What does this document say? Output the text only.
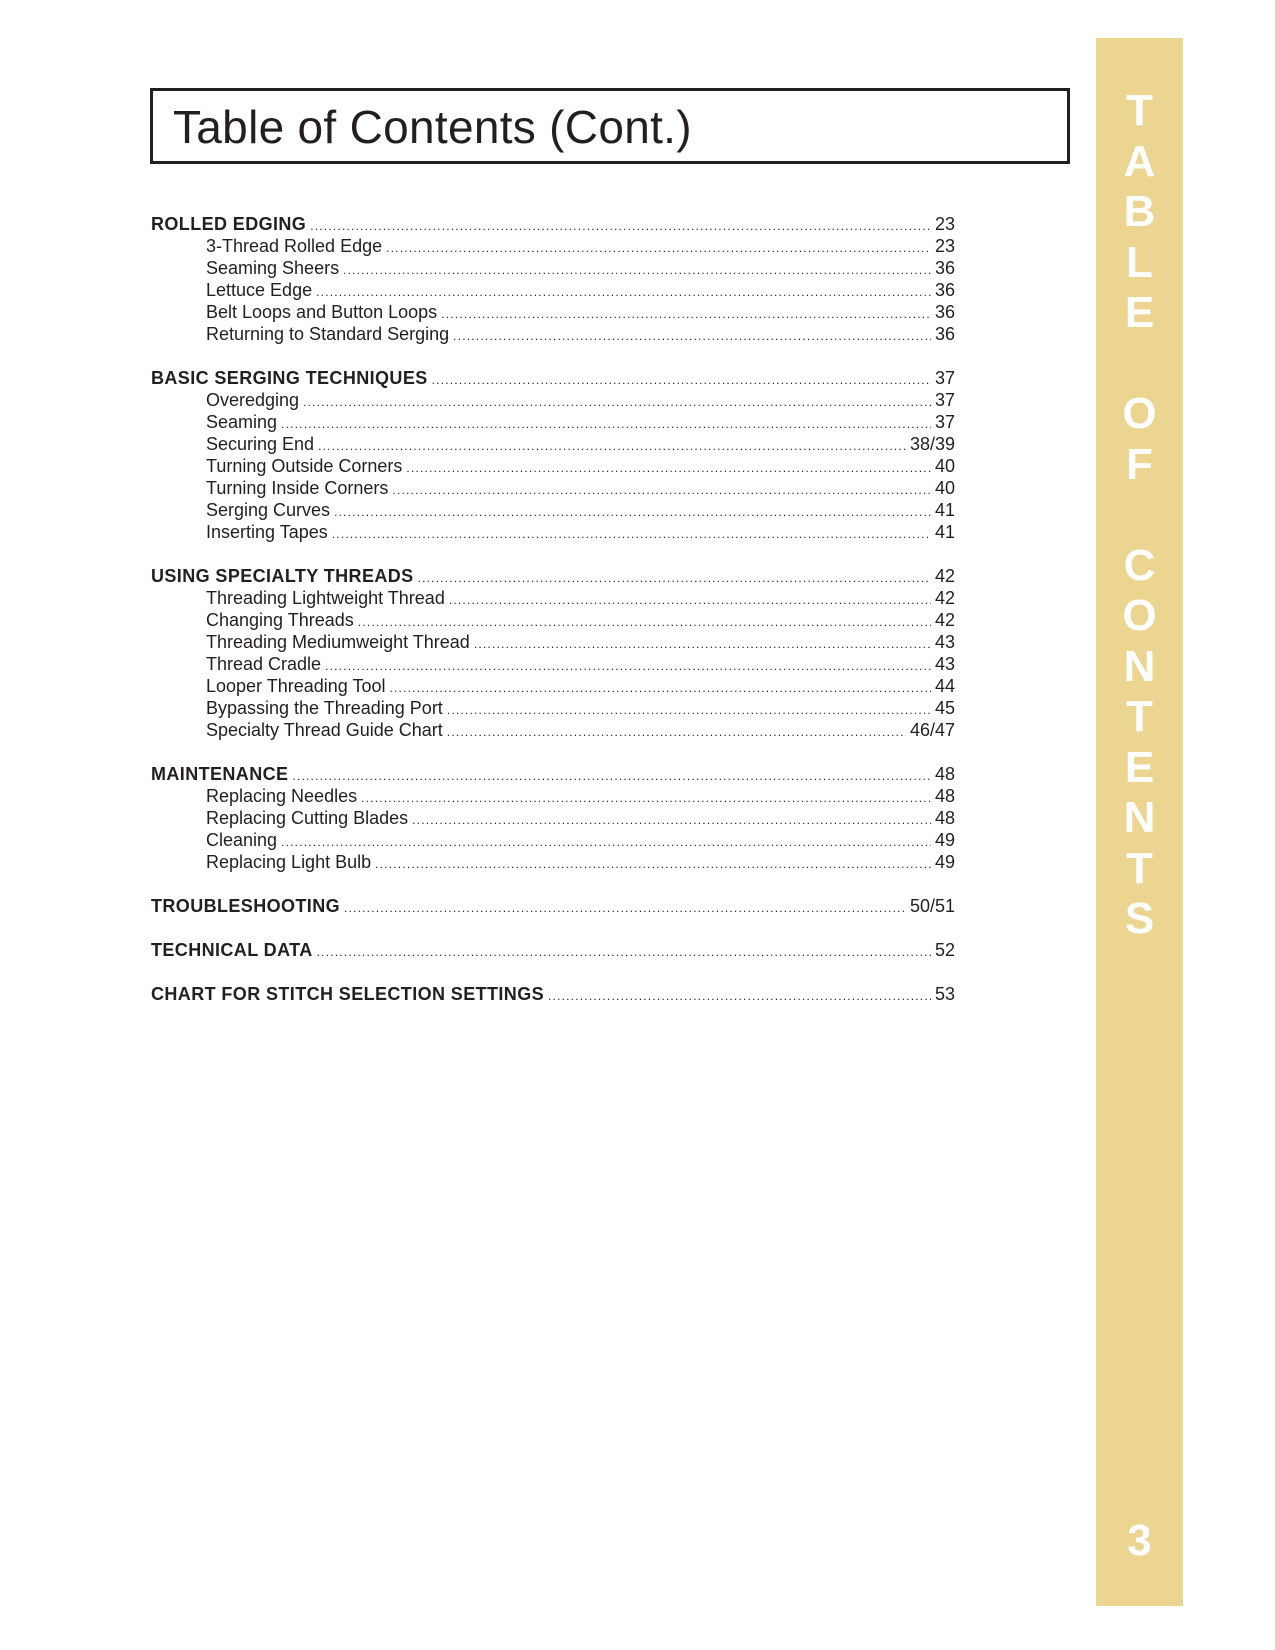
Table of Contents (Cont.)
ROLLED EDGING .....	23
3-Thread Rolled Edge .....	23
Seaming Sheers .....	36
Lettuce Edge .....	36
Belt Loops and Button Loops .....	36
Returning to Standard Serging .....	36
BASIC SERGING TECHNIQUES .....	37
Overedging .....	37
Seaming .....	37
Securing End .....	38/39
Turning Outside Corners .....	40
Turning Inside Corners .....	40
Serging Curves .....	41
Inserting Tapes .....	41
USING SPECIALTY THREADS .....	42
Threading Lightweight Thread .....	42
Changing Threads .....	42
Threading Mediumweight Thread .....	43
Thread Cradle .....	43
Looper Threading Tool .....	44
Bypassing the Threading Port .....	45
Specialty Thread Guide Chart .....	46/47
MAINTENANCE .....	48
Replacing Needles .....	48
Replacing Cutting Blades .....	48
Cleaning .....	49
Replacing Light Bulb .....	49
TROUBLESHOOTING .....	50/51
TECHNICAL DATA .....	52
CHART FOR STITCH SELECTION SETTINGS .....	53
T
A
B
L
E
O
F
C
O
N
T
E
N
T
S
3
